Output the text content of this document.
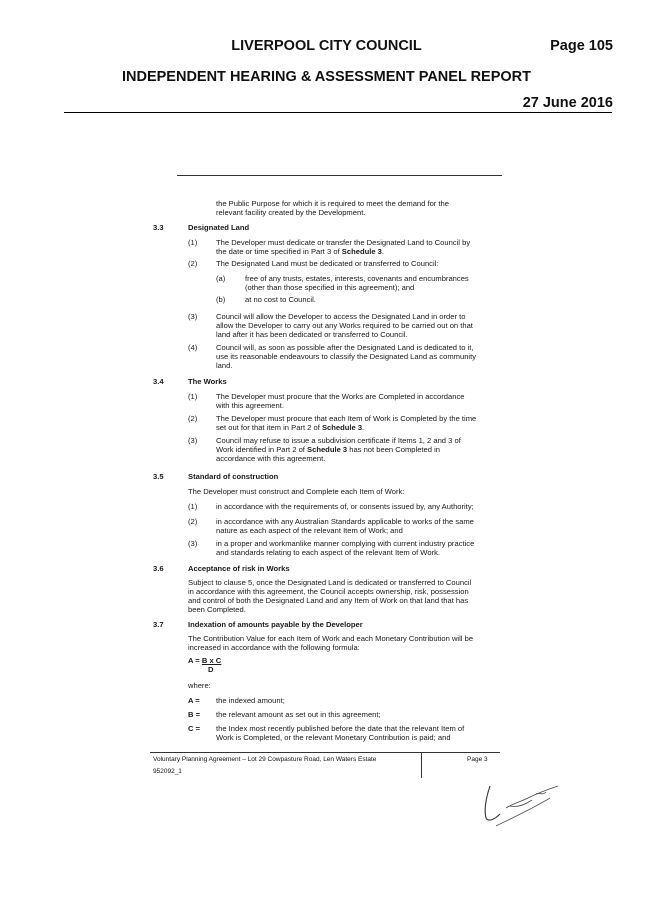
LIVERPOOL CITY COUNCIL	Page 105
INDEPENDENT HEARING & ASSESSMENT PANEL REPORT
27 June 2016
the Public Purpose for which it is required to meet the demand for the
relevant facility created by the Development.
3.3	Designated Land
(1) The Developer must dedicate or transfer the Designated Land to Council by
the date or time specified in Part 3 of Schedule 3.
(2) The Designated Land must be dedicated or transferred to Council:
(a)	free of any trusts, estates, interests, covenants and encumbrances
(other than those specified in this agreement); and
(b)	at no cost to Council.
(3) Council will allow the Developer to access the Designated Land in order to
allow the Developer to carry out any Works required to be carried out on that
land after it has been dedicated or transferred to Council.
(4) Council will, as soon as possible after the Designated Land is dedicated to it,
use its reasonable endeavours to classify the Designated Land as community
land.
3.4	The Works
(1) The Developer must procure that the Works are Completed in accordance
with this agreement.
(2) The Developer must procure that each Item of Work is Completed by the time
set out for that item in Part 2 of Schedule 3.
(3) Council may refuse to issue a subdivision certificate if Items 1, 2 and 3 of
Work identified in Part 2 of Schedule 3 has not been Completed in
accordance with this agreement.
3.5	Standard of construction
The Developer must construct and Complete each Item of Work:
(1) in accordance with the requirements of, or consents issued by, any Authority;
(2) in accordance with any Australian Standards applicable to works of the same
nature as each aspect of the relevant Item of Work; and
(3) in a proper and workmanlike manner complying with current industry practice
and standards relating to each aspect of the relevant Item of Work.
3.6	Acceptance of risk in Works
Subject to clause 5, once the Designated Land is dedicated or transferred to Council
in accordance with this agreement, the Council accepts ownership, risk, possession
and control of both the Designated Land and any Item of Work on that land that has
been Completed.
3.7	Indexation of amounts payable by the Developer
The Contribution Value for each Item of Work and each Monetary Contribution will be
increased in accordance with the following formula:
A = B x C
D
where:
A = the indexed amount;
B = the relevant amount as set out in this agreement;
C = the Index most recently published before the date that the relevant Item of
Work is Completed, or the relevant Monetary Contribution is paid; and
Voluntary Planning Agreement – Lot 29 Cowpasture Road, Len Waters Estate
952092_1
Page 3
